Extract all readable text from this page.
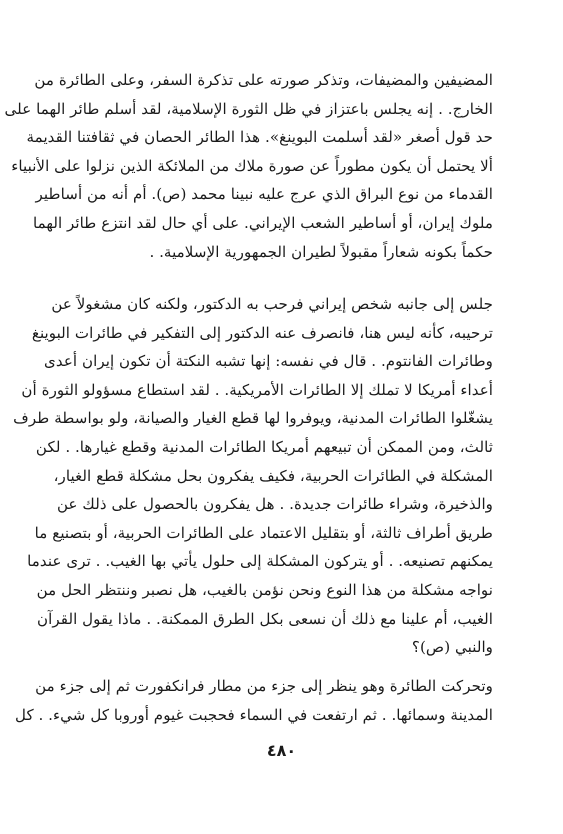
المضيفين والمضيفات، وتذكر صورته على تذكرة السفر، وعلى الطائرة من
الخارج. . إنه يجلس باعتزاز في ظل الثورة الإسلامية، لقد أسلم طائر الهما على
حد قول أصغر «لقد أسلمت البوينغ». هذا الطائر الحصان في ثقافتنا القديمة
ألا يحتمل أن يكون مطوراً عن صورة ملاك من الملائكة الذين نزلوا على الأنبياء
القدماء من نوع البراق الذي عرج عليه نبينا محمد (ص). أم أنه من أساطير
ملوك إيران، أو أساطير الشعب الإيراني. على أي حال لقد انتزع طائر الهما
حكماً بكونه شعاراً مقبولاً لطيران الجمهورية الإسلامية. .
جلس إلى جانبه شخص إيراني فرحب به الدكتور، ولكنه كان مشغولاً عن
ترحيبه، كأنه ليس هنا، فانصرف عنه الدكتور إلى التفكير في طائرات البوينغ
وطائرات الفانتوم. . قال في نفسه: إنها تشبه النكتة أن تكون إيران أعدى
أعداء أمريكا لا تملك إلا الطائرات الأمريكية. . لقد استطاع مسؤولو الثورة أن
يشغّلوا الطائرات المدنية، ويوفروا لها قطع الغيار والصيانة، ولو بواسطة طرف
ثالث، ومن الممكن أن تبيعهم أمريكا الطائرات المدنية وقطع غيارها. . لكن
المشكلة في الطائرات الحربية، فكيف يفكرون بحل مشكلة قطع الغيار،
والذخيرة، وشراء طائرات جديدة. . هل يفكرون بالحصول على ذلك عن
طريق أطراف ثالثة، أو بتقليل الاعتماد على الطائرات الحربية، أو بتصنيع ما
يمكنهم تصنيعه. . أو يتركون المشكلة إلى حلول يأتي بها الغيب. . ترى عندما
نواجه مشكلة من هذا النوع ونحن نؤمن بالغيب، هل نصبر وننتظر الحل من
الغيب، أم علينا مع ذلك أن نسعى بكل الطرق الممكنة. . ماذا يقول القرآن
والنبي (ص)؟
وتحركت الطائرة وهو ينظر إلى جزء من مطار فرانكفورت ثم إلى جزء من
المدينة وسمائها. . ثم ارتفعت في السماء فحجبت غيوم أوروبا كل شيء. . كل
٤٨٠
